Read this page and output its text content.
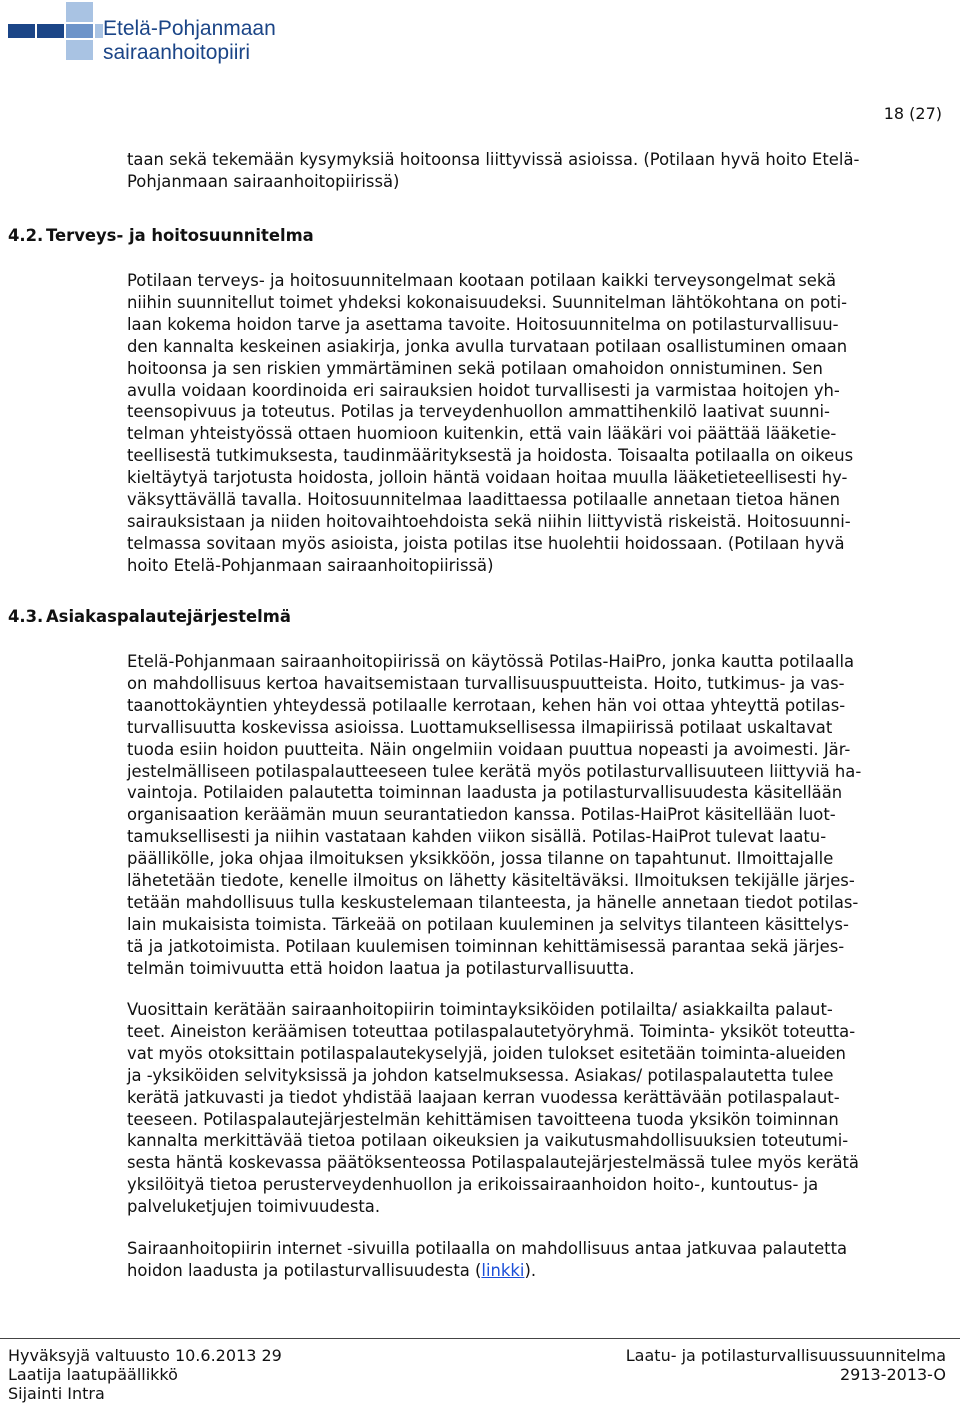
Etelä-Pohjanmaan
sairaanhoitopiiri
18 (27)
taan sekä tekemään kysymyksiä hoitoonsa liittyvissä asioissa. (Potilaan hyvä hoito Etelä-
Pohjanmaan sairaanhoitopiirissä)
4.2. Terveys- ja hoitosuunnitelma
Potilaan terveys- ja hoitosuunnitelmaan kootaan potilaan kaikki terveysongelmat sekä
niihin suunnitellut toimet yhdeksi kokonaisuudeksi. Suunnitelman lähtökohtana on poti-
laan kokema hoidon tarve ja asettama tavoite. Hoitosuunnitelma on potilasturvallisuu-
den kannalta keskeinen asiakirja, jonka avulla turvataan potilaan osallistuminen omaan
hoitoonsa ja sen riskien ymmärtäminen sekä potilaan omahoidon onnistuminen. Sen
avulla voidaan koordinoida eri sairauksien hoidot turvallisesti ja varmistaa hoitojen yh-
teensopivuus ja toteutus. Potilas ja terveydenhuollon ammattihenkilö laativat suunni-
telman yhteistyössä ottaen huomioon kuitenkin, että vain lääkäri voi päättää lääketie-
teellisestä tutkimuksesta, taudinmäärityksestä ja hoidosta. Toisaalta potilaalla on oikeus
kieltäytyä tarjotusta hoidosta, jolloin häntä voidaan hoitaa muulla lääketieteellisesti hy-
väksyttävällä tavalla. Hoitosuunnitelmaa laadittaessa potilaalle annetaan tietoa hänen
sairauksistaan ja niiden hoitovaihtoehdoista sekä niihin liittyvistä riskeistä. Hoitosuunni-
telmassa sovitaan myös asioista, joista potilas itse huolehtii hoidossaan. (Potilaan hyvä
hoito Etelä-Pohjanmaan sairaanhoitopiirissä)
4.3. Asiakaspalautejärjestelmä
Etelä-Pohjanmaan sairaanhoitopiirissä on käytössä Potilas-HaiPro, jonka kautta potilaalla
on mahdollisuus kertoa havaitsemistaan turvallisuuspuutteista. Hoito, tutkimus- ja vas-
taanottokäyntien yhteydessä potilaalle kerrotaan, kehen hän voi ottaa yhteyttä potilas-
turvallisuutta koskevissa asioissa. Luottamuksellisessa ilmapiirissä potilaat uskaltavat
tuoda esiin hoidon puutteita. Näin ongelmiin voidaan puuttua nopeasti ja avoimesti. Jär-
jestelmälliseen potilaspalautteeseen tulee kerätä myös potilasturvallisuuteen liittyviä ha-
vaintoja. Potilaiden palautetta toiminnan laadusta ja potilasturvallisuudesta käsitellään
organisaation keräämän muun seurantatiedon kanssa. Potilas-HaiProt käsitellään luot-
tamuksellisesti ja niihin vastataan kahden viikon sisällä. Potilas-HaiProt tulevat laatu-
päällikölle, joka ohjaa ilmoituksen yksikköön, jossa tilanne on tapahtunut. Ilmoittajalle
lähetetään tiedote, kenelle ilmoitus on lähetty käsiteltäväksi. Ilmoituksen tekijälle järjes-
tetään mahdollisuus tulla keskustelemaan tilanteesta, ja hänelle annetaan tiedot potilas-
lain mukaisista toimista. Tärkeää on potilaan kuuleminen ja selvitys tilanteen käsittelys-
tä ja jatkotoimista. Potilaan kuulemisen toiminnan kehittämisessä parantaa sekä järjes-
telmän toimivuutta että hoidon laatua ja potilasturvallisuutta.
Vuosittain kerätään sairaanhoitopiirin toimintayksiköiden potilailta/ asiakkailta palaut-
teet. Aineiston keräämisen toteuttaa potilaspalautetyöryhmä. Toiminta- yksiköt toteutta-
vat myös otoksittain potilaspalautekyselyjä, joiden tulokset esitetään toiminta-alueiden
ja -yksiköiden selvityksissä ja johdon katselmuksessa. Asiakas/ potilaspalautetta tulee
kerätä jatkuvasti ja tiedot yhdistää laajaan kerran vuodessa kerättävään potilaspalaut-
teeseen. Potilaspalautejärjestelmän kehittämisen tavoitteena tuoda yksikön toiminnan
kannalta merkittävää tietoa potilaan oikeuksien ja vaikutusmahdollisuuksien toteutumi-
sesta häntä koskevassa päätöksenteossa Potilaspalautejärjestelmässä tulee myös kerätä
yksilöityä tietoa perusterveydenhuollon ja erikoissairaanhoidon hoito-, kuntoutus- ja
palveluketjujen toimivuudesta.
Sairaanhoitopiirin internet -sivuilla potilaalla on mahdollisuus antaa jatkuvaa palautetta
hoidon laadusta ja potilasturvallisuudesta (linkki).
Hyväksyjä valtuusto 10.6.2013 29
Laatija laatupäällikkö
Sijainti Intra
Laatu- ja potilasturvallisuussuunnitelma
2913-2013-O
